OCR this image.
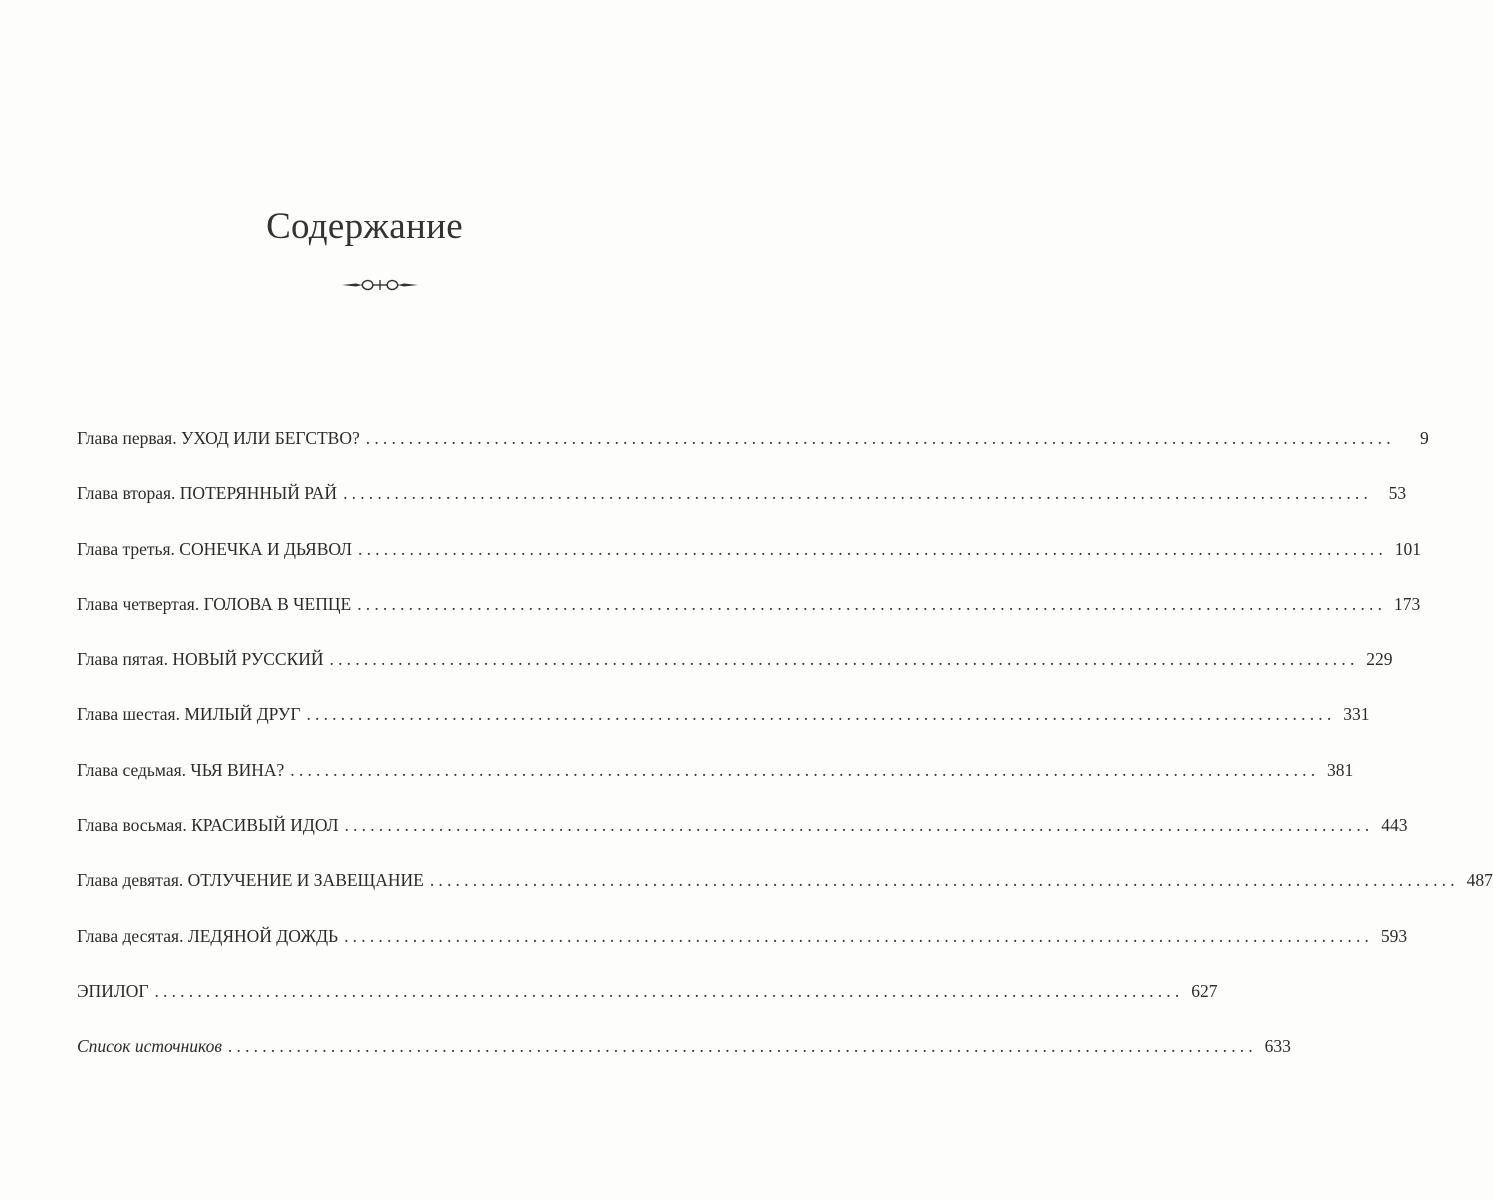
Содержание
Глава первая. УХОД ИЛИ БЕГСТВО? ........................................................................................................................	9
Глава вторая. ПОТЕРЯННЫЙ РАЙ ........................................................................................................................ 53
Глава третья. СОНЕЧКА И ДЬЯВОЛ ........................................................................................................................ 101
Глава четвертая. ГОЛОВА В ЧЕПЦЕ ........................................................................................................................ 173
Глава пятая. НОВЫЙ РУССКИЙ ........................................................................................................................ 229
Глава шестая. МИЛЫЙ ДРУГ ........................................................................................................................ 331
Глава седьмая. ЧЬЯ ВИНА? ........................................................................................................................ 381
Глава восьмая. КРАСИВЫЙ ИДОЛ ........................................................................................................................ 443
Глава девятая. ОТЛУЧЕНИЕ И ЗАВЕЩАНИЕ ........................................................................................................................ 487
Глава десятая. ЛЕДЯНОЙ ДОЖДЬ ........................................................................................................................ 593
ЭПИЛОГ ........................................................................................................................ 627
Список источников ........................................................................................................................ 633
